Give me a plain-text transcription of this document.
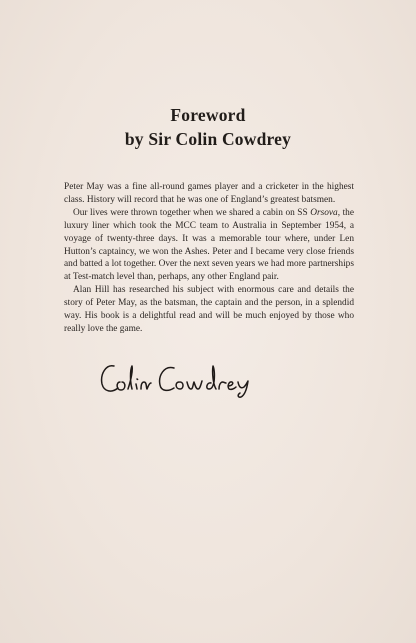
Foreword
by Sir Colin Cowdrey

Peter May was a fine all-round games player and a cricketer in the highest class. History will record that he was one of England’s greatest batsmen.

Our lives were thrown together when we shared a cabin on SS Orsova, the luxury liner which took the MCC team to Australia in September 1954, a voyage of twenty-three days. It was a memorable tour where, under Len Hutton’s captaincy, we won the Ashes. Peter and I became very close friends and batted a lot together. Over the next seven years we had more partnerships at Test-match level than, perhaps, any other England pair.

Alan Hill has researched his subject with enormous care and details the story of Peter May, as the batsman, the captain and the person, in a splendid way. His book is a delightful read and will be much enjoyed by those who really love the game.
